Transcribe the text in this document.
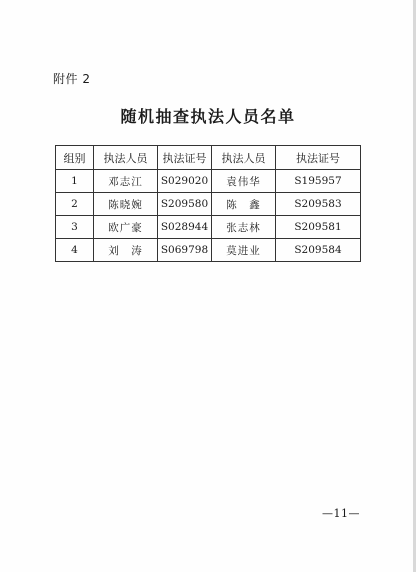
附件 2
随机抽查执法人员名单
组别	执法人员	执法证号	执法人员	执法证号
1	邓志江	S029020	袁伟华	S195957
2	陈晓婉	S209580	陈　鑫	S209583
3	欧广豪	S028944	张志林	S209581
4	刘　涛	S069798	莫进业	S209584
—11—
